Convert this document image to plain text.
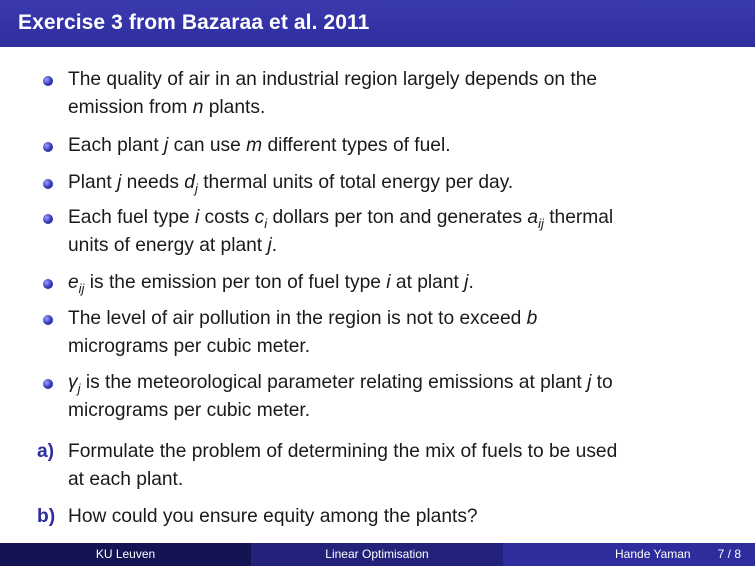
Exercise 3 from Bazaraa et al. 2011
The quality of air in an industrial region largely depends on the
emission from n plants.
Each plant j can use m different types of fuel.
Plant j needs $d_j$ thermal units of total energy per day.
Each fuel type i costs $c_i$ dollars per ton and generates $a_{ij}$ thermal
units of energy at plant j.
$e_{ij}$ is the emission per ton of fuel type i at plant j.
The level of air pollution in the region is not to exceed b
micrograms per cubic meter.
$\gamma_j$ is the meteorological parameter relating emissions at plant j to
micrograms per cubic meter.
a) Formulate the problem of determining the mix of fuels to be used
at each plant.
b) How could you ensure equity among the plants?
KU Leuven	Linear Optimisation	Hande Yaman 7 / 8
